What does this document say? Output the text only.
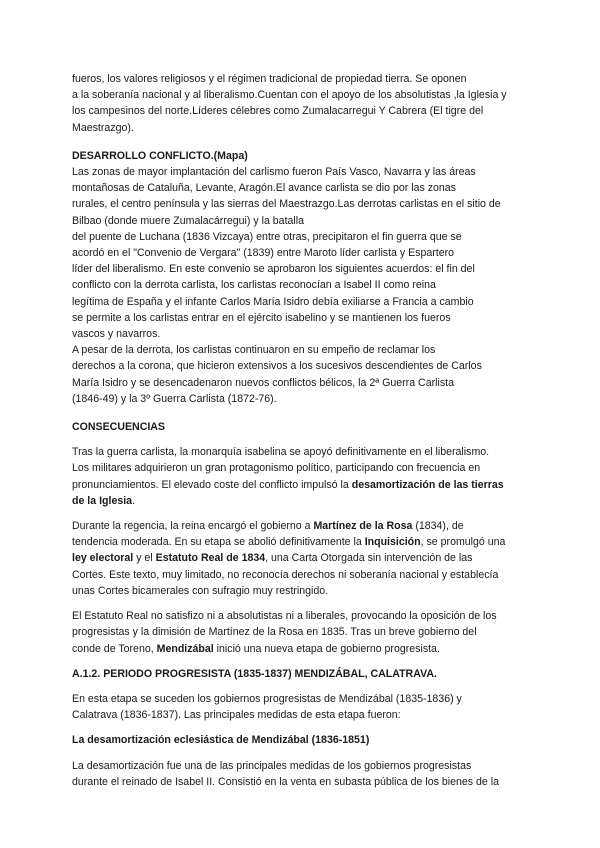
fueros, los valores religiosos y el régimen tradicional de propiedad tierra. Se oponen

a la soberanía nacional y al liberalismo.Cuentan con el apoyo de los absolutistas ,la Iglesia y

los campesinos del norte.Líderes célebres como Zumalacarregui Y Cabrera (El tigre del

Maestrazgo).

DESARROLLO CONFLICTO.(Mapa)

Las zonas de mayor implantación del carlismo fueron País Vasco, Navarra y las áreas

montañosas de Cataluña, Levante, Aragón.El avance carlista se dio por las zonas

rurales, el centro península y las sierras del Maestrazgo.Las derrotas carlistas en el sitio de

Bilbao (donde muere Zumalacárregui) y la batalla

del puente de Luchana (1836 Vizcaya) entre otras, precipitaron el fin guerra que se

acordó en el "Convenio de Vergara" (1839) entre Maroto líder carlista y Espartero

líder del liberalismo. En este convenio se aprobaron los siguientes acuerdos: el fin del

conflicto con la derrota carlista, los carlistas reconocían a Isabel II como reina

legítima de España y el infante Carlos María Isidro debía exiliarse a Francia a cambio

se permite a los carlistas entrar en el ejército isabelino y se mantienen los fueros

vascos y navarros.

A pesar de la derrota, los carlistas continuaron en su empeño de reclamar los

derechos a la corona, que hicieron extensivos a los sucesivos descendientes de Carlos

María Isidro y se desencadenaron nuevos conflictos bélicos, la 2ª Guerra Carlista

(1846-49) y la 3º Guerra Carlista (1872-76).

CONSECUENCIAS

Tras la guerra carlista, la monarquía isabelina se apoyó definitivamente en el liberalismo.

Los militares adquirieron un gran protagonismo político, participando con frecuencia en

pronunciamientos. El elevado coste del conflicto impulsó la desamortización de las tierras

de la Iglesia.

Durante la regencia, la reina encargó el gobierno a Martínez de la Rosa (1834), de

tendencia moderada. En su etapa se abolió definitivamente la Inquisición, se promulgó una

ley electoral y el Estatuto Real de 1834, una Carta Otorgada sin intervención de las

Cortes. Este texto, muy limitado, no reconocía derechos ni soberanía nacional y establecía

unas Cortes bicamerales con sufragio muy restringido.

El Estatuto Real no satisfizo ni a absolutistas ni a liberales, provocando la oposición de los

progresistas y la dimisión de Martínez de la Rosa en 1835. Tras un breve gobierno del

conde de Toreno, Mendizábal inició una nueva etapa de gobierno progresista.

A.1.2. PERIODO PROGRESISTA (1835-1837) MENDIZÁBAL, CALATRAVA.

En esta etapa se suceden los gobiernos progresistas de Mendizábal (1835-1836) y

Calatrava (1836-1837). Las principales medidas de esta etapa fueron:

La desamortización eclesiástica de Mendizábal (1836-1851)

La desamortización fue una de las principales medidas de los gobiernos progresistas

durante el reinado de Isabel II. Consistió en la venta en subasta pública de los bienes de la
